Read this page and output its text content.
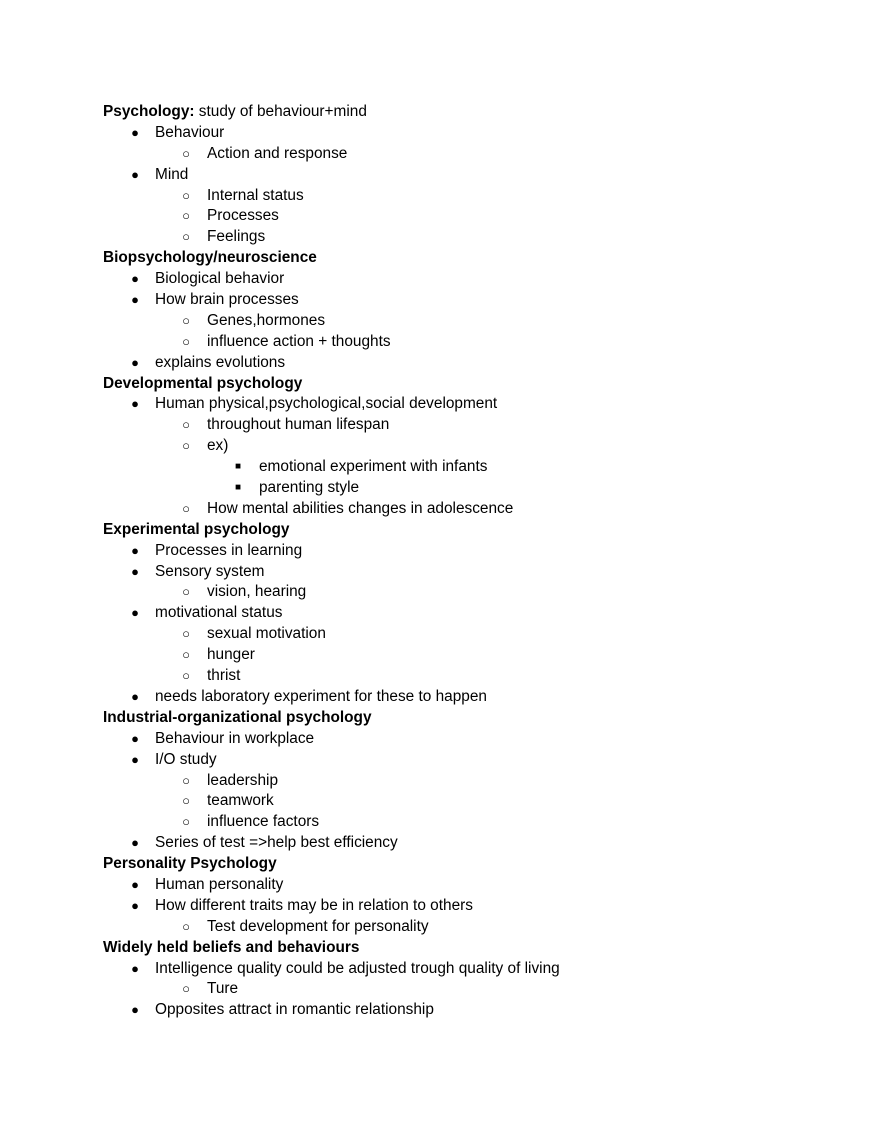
Psychology: study of behaviour+mind
● Behaviour
○ Action and response
● Mind
○ Internal status
○ Processes
○ Feelings
Biopsychology/neuroscience
● Biological behavior
● How brain processes
○ Genes,hormones
○ influence action + thoughts
● explains evolutions
Developmental psychology
● Human physical,psychological,social development
○ throughout human lifespan
○ ex)
■ emotional experiment with infants
■ parenting style
○ How mental abilities changes in adolescence
Experimental psychology
● Processes in learning
● Sensory system
○ vision, hearing
● motivational status
○ sexual motivation
○ hunger
○ thrist
● needs laboratory experiment for these to happen
Industrial-organizational psychology
● Behaviour in workplace
● I/O study
○ leadership
○ teamwork
○ influence factors
● Series of test =>help best efficiency
Personality Psychology
● Human personality
● How different traits may be in relation to others
○ Test development for personality
Widely held beliefs and behaviours
● Intelligence quality could be adjusted trough quality of living
○ Ture
● Opposites attract in romantic relationship
